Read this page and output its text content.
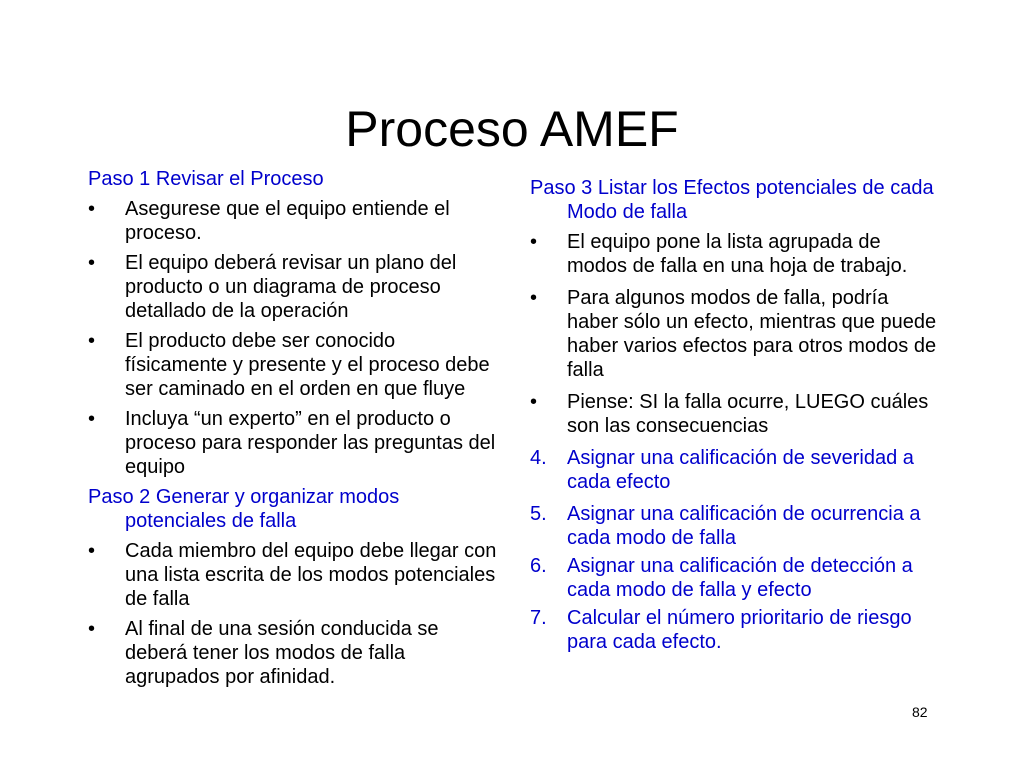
Proceso AMEF

Paso 1 Revisar el Proceso

• Asegurese que el equipo entiende el proceso.
• El equipo deberá revisar un plano del producto o un diagrama de proceso detallado de la operación
• El producto debe ser conocido físicamente y presente y el proceso debe ser caminado en el orden en que fluye
• Incluya “un experto” en el producto o proceso para responder las preguntas del equipo

Paso 2 Generar y organizar modos potenciales de falla

• Cada miembro del equipo debe llegar con una lista escrita de los modos potenciales de falla
• Al final de una sesión conducida se deberá tener los modos de falla agrupados por afinidad.

Paso 3 Listar los Efectos potenciales de cada Modo de falla

• El equipo pone la lista agrupada de modos de falla en una hoja de trabajo.
• Para algunos modos de falla, podría haber sólo un efecto, mientras que puede haber varios efectos para otros modos de falla
• Piense: SI la falla ocurre, LUEGO cuáles son las consecuencias
4. Asignar una calificación de severidad a cada efecto
5. Asignar una calificación de ocurrencia a cada modo de falla
6. Asignar una calificación de detección a cada modo de falla y efecto
7. Calcular el número prioritario de riesgo para cada efecto.
82
